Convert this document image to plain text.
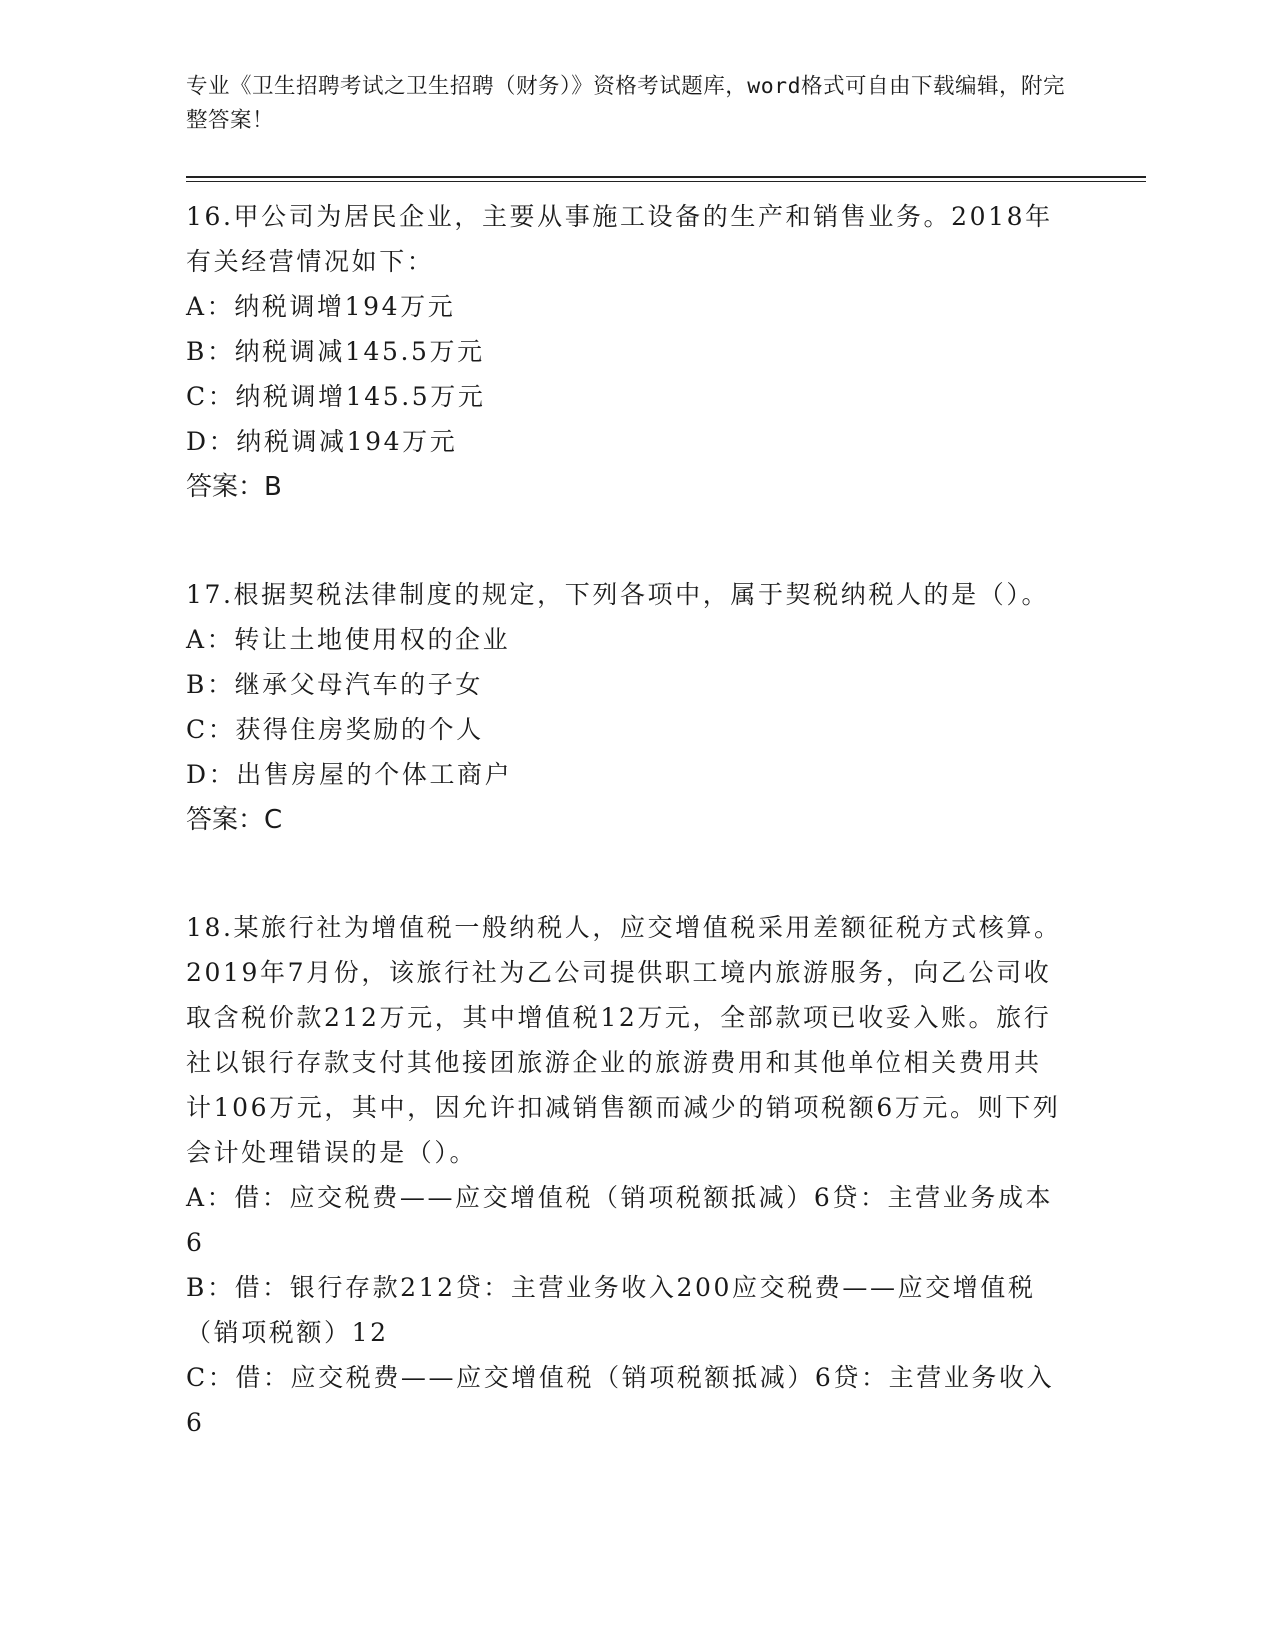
专业《卫生招聘考试之卫生招聘（财务）》资格考试题库，word格式可自由下载编辑，附完整答案！

16.甲公司为居民企业，主要从事施工设备的生产和销售业务。2018年有关经营情况如下：

A：纳税调增194万元

B：纳税调减145.5万元

C：纳税调增145.5万元

D：纳税调减194万元

答案：B

17.根据契税法律制度的规定，下列各项中，属于契税纳税人的是（）。

A：转让土地使用权的企业

B：继承父母汽车的子女

C：获得住房奖励的个人

D：出售房屋的个体工商户

答案：C

18.某旅行社为增值税一般纳税人，应交增值税采用差额征税方式核算。2019年7月份，该旅行社为乙公司提供职工境内旅游服务，向乙公司收取含税价款212万元，其中增值税12万元，全部款项已收妥入账。旅行社以银行存款支付其他接团旅游企业的旅游费用和其他单位相关费用共计106万元，其中，因允许扣减销售额而减少的销项税额6万元。则下列会计处理错误的是（）。

A：借：应交税费——应交增值税（销项税额抵减）6贷：主营业务成本6

B：借：银行存款212贷：主营业务收入200应交税费——应交增值税（销项税额）12

C：借：应交税费——应交增值税（销项税额抵减）6贷：主营业务收入6
